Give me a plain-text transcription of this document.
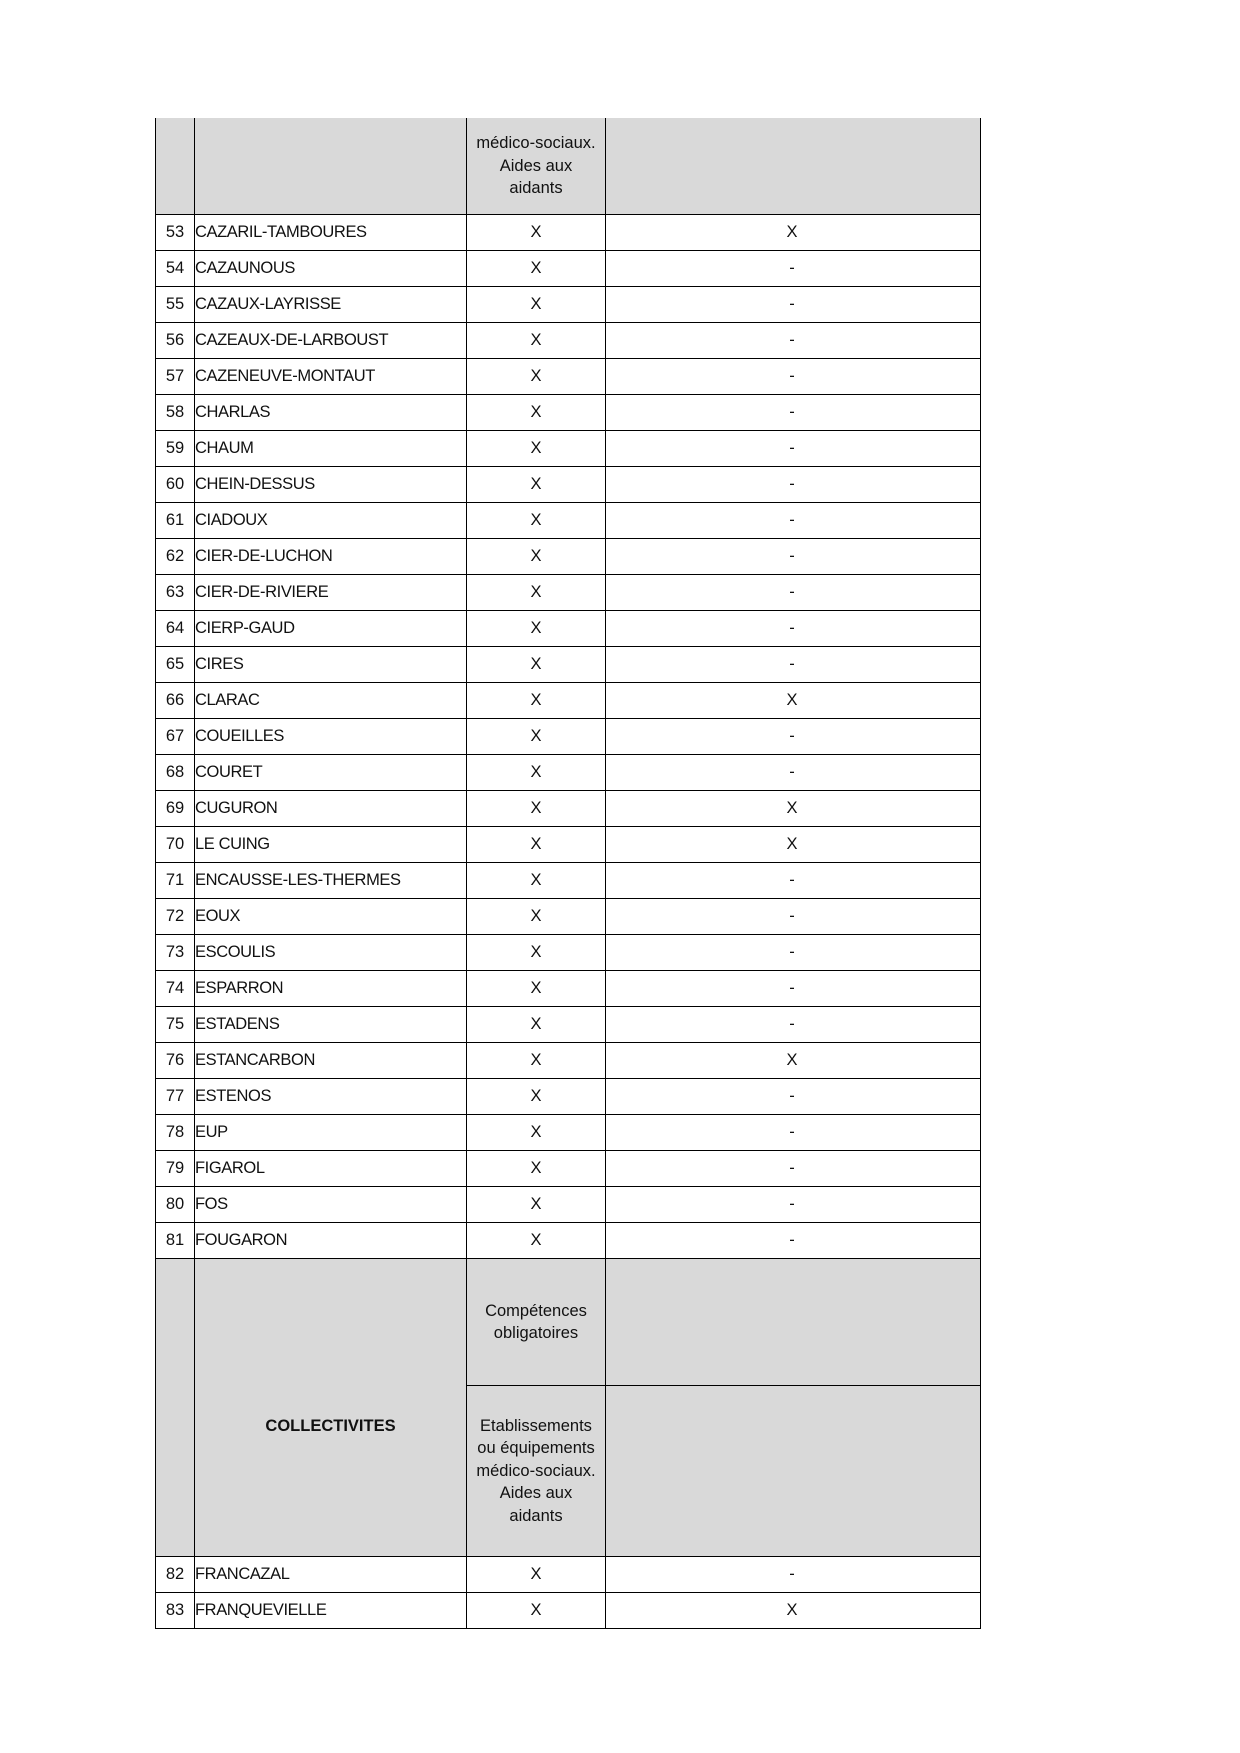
		médico-sociaux.
Aides aux
aidants	

53	CAZARIL-TAMBOURES	X	X
54	CAZAUNOUS	X	-
55	CAZAUX-LAYRISSE	X	-
56	CAZEAUX-DE-LARBOUST	X	-
57	CAZENEUVE-MONTAUT	X	-
58	CHARLAS	X	-
59	CHAUM	X	-
60	CHEIN-DESSUS	X	-
61	CIADOUX	X	-
62	CIER-DE-LUCHON	X	-
63	CIER-DE-RIVIERE	X	-
64	CIERP-GAUD	X	-
65	CIRES	X	-
66	CLARAC	X	X
67	COUEILLES	X	-
68	COURET	X	-
69	CUGURON	X	X
70	LE CUING	X	X
71	ENCAUSSE-LES-THERMES	X	-
72	EOUX	X	-
73	ESCOULIS	X	-
74	ESPARRON	X	-
75	ESTADENS	X	-
76	ESTANCARBON	X	X
77	ESTENOS	X	-
78	EUP	X	-
79	FIGAROL	X	-
80	FOS	X	-
81	FOUGARON	X	-

	COLLECTIVITES	Compétences
obligatoires	

		Etablissements
ou équipements
médico-sociaux.
Aides aux
aidants	

82	FRANCAZAL	X	-
83	FRANQUEVIELLE	X	X
